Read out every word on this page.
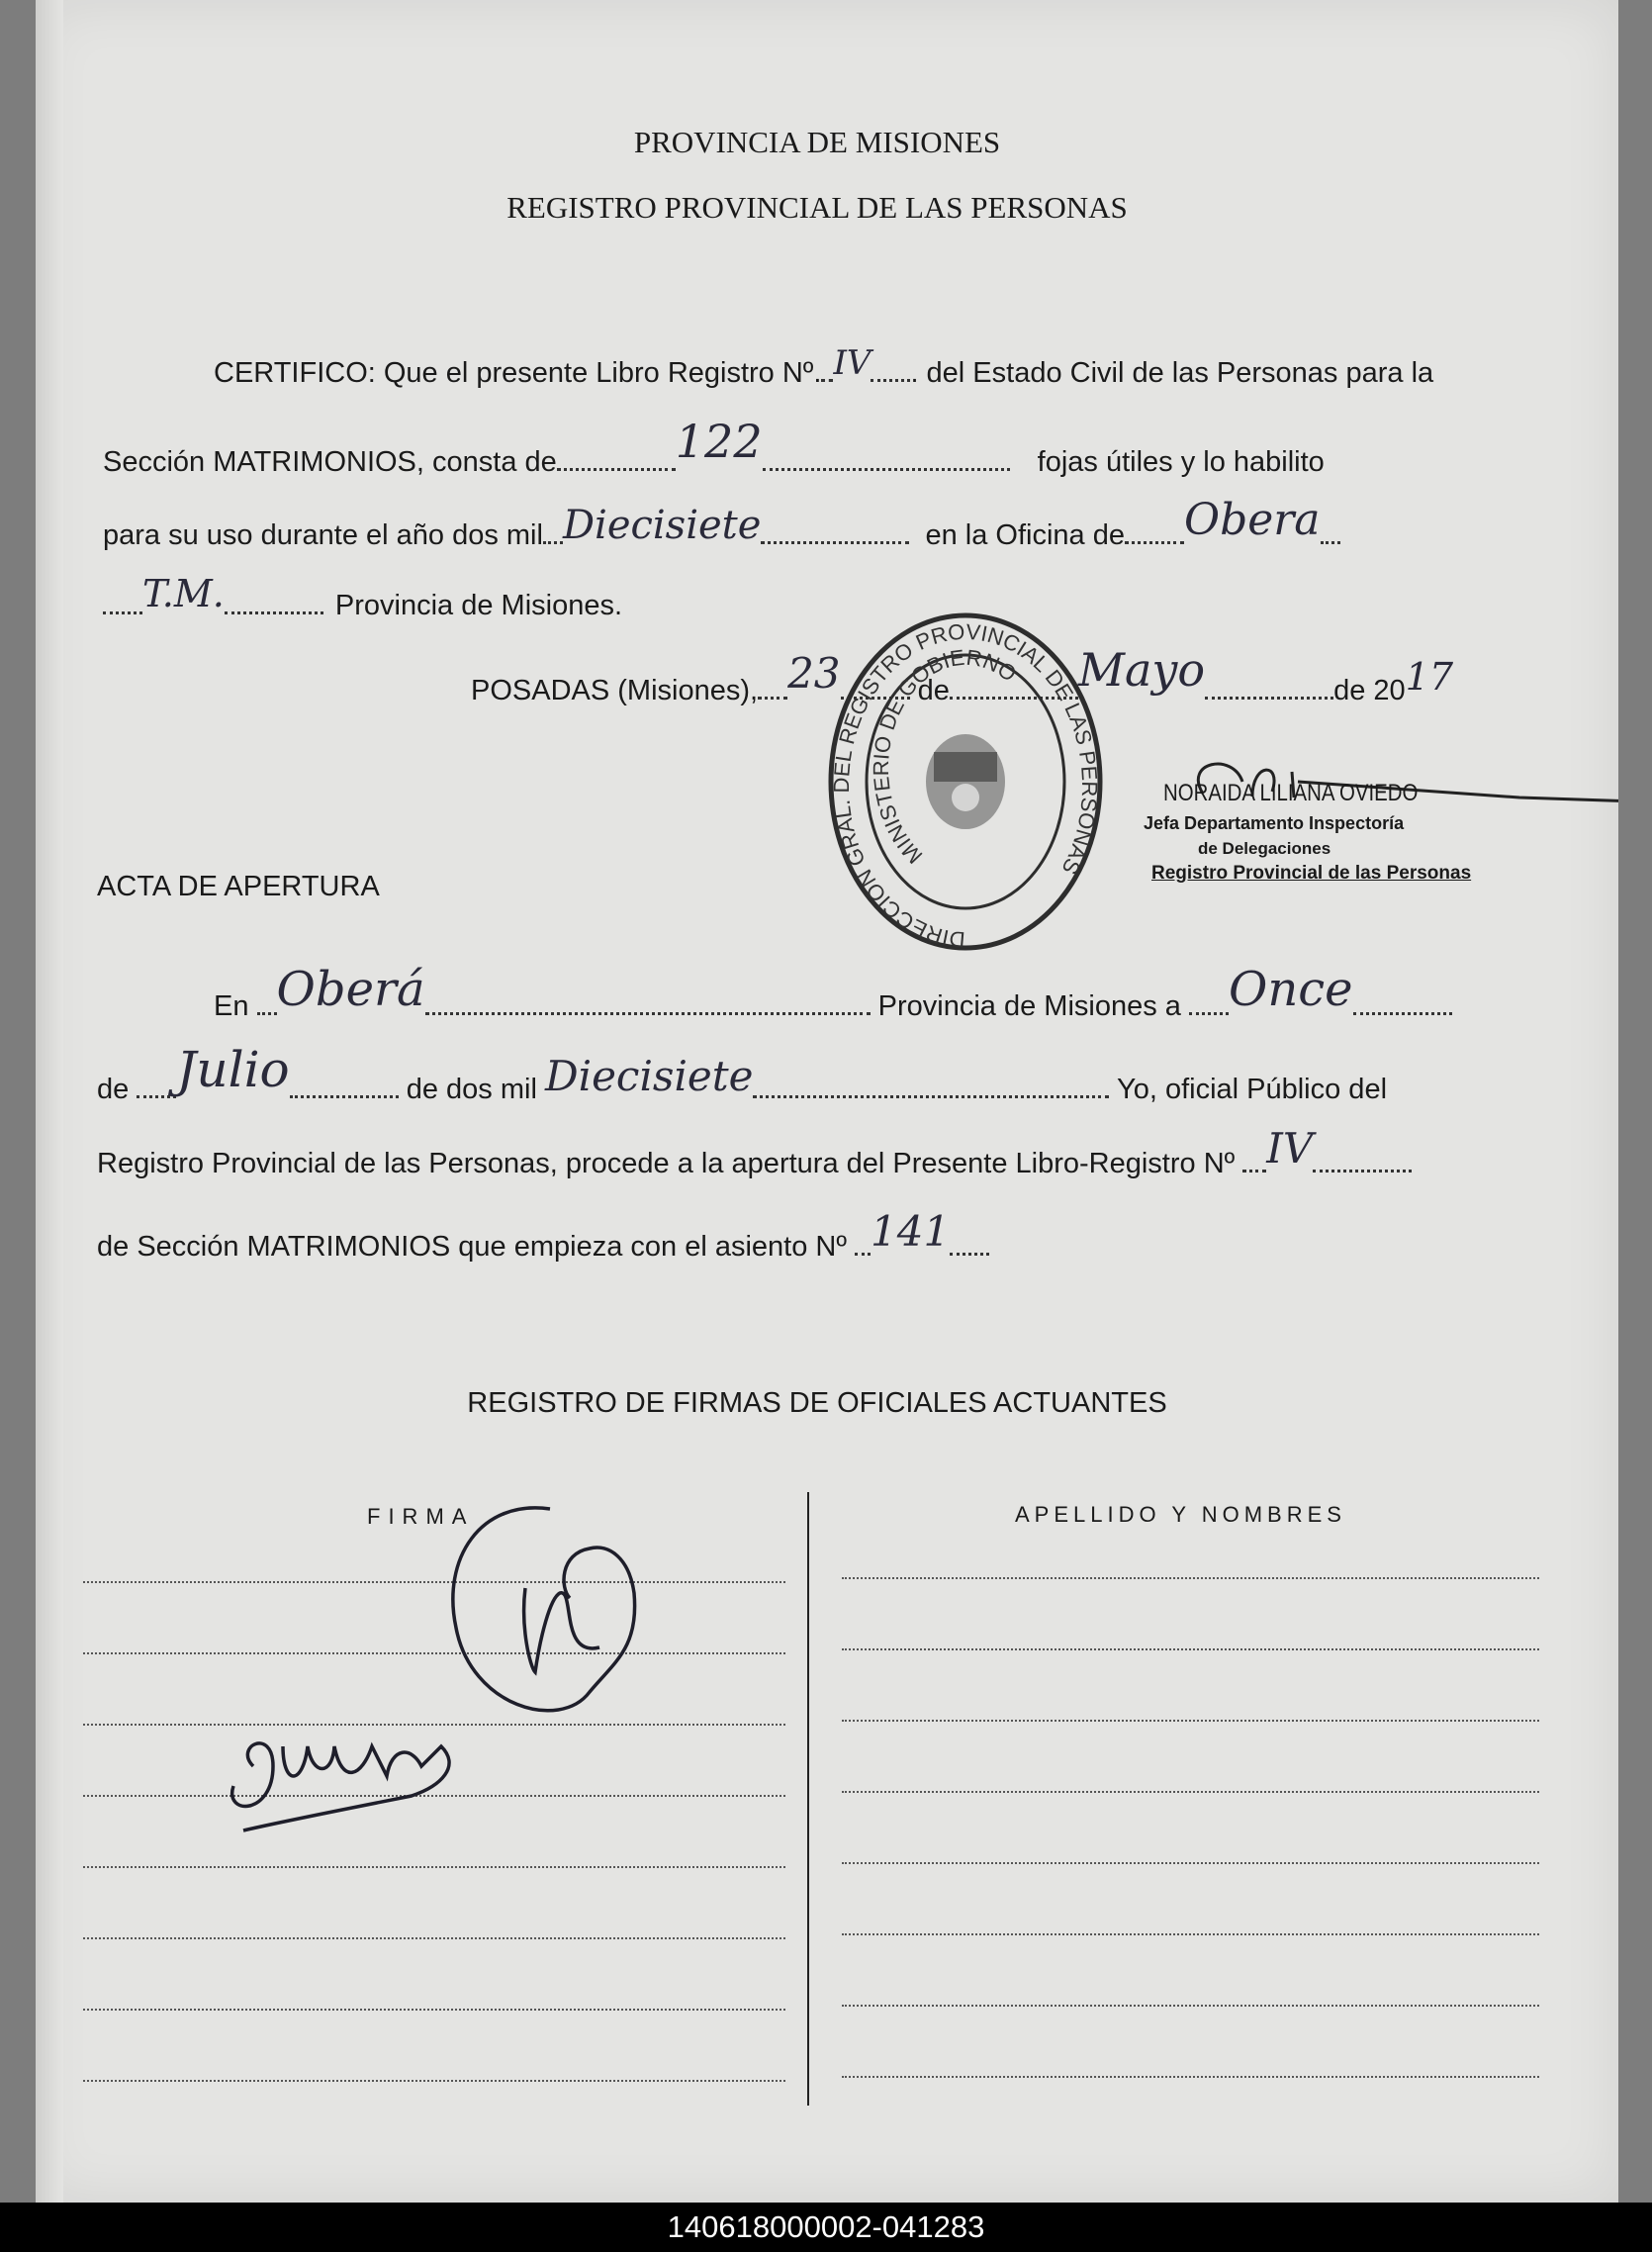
PROVINCIA DE MISIONES
REGISTRO PROVINCIAL DE LAS PERSONAS
CERTIFICO: Que el presente Libro Registro Nº. IV . del Estado Civil de las Personas para la
Sección MATRIMONIOS, consta de	122	fojas útiles y lo habilito
para su uso durante el año dos mil Diecisiete	en la Oficina de Obera
T.M.	Provincia de Misiones.
POSADAS (Misiones), 23	de	Mayo	de 2017
DIRECCION GRAL. DEL REGISTRO PROVINCIAL DE LAS PERSONAS
MINISTERIO DE GOBIERNO
NORAIDA LILIANA OVIEDO
Jefa Departamento Inspectoría
de Delegaciones
Registro Provincial de las Personas
ACTA DE APERTURA
En Oberá	Provincia de Misiones a Once
de Julio	de dos mil Diecisiete	Yo, oficial Público del
Registro Provincial de las Personas, procede a la apertura del Presente Libro-Registro Nº IV
de Sección MATRIMONIOS que empieza con el asiento Nº 141
REGISTRO DE FIRMAS DE OFICIALES ACTUANTES
FIRMA	APELLIDO Y NOMBRES
140618000002-041283
